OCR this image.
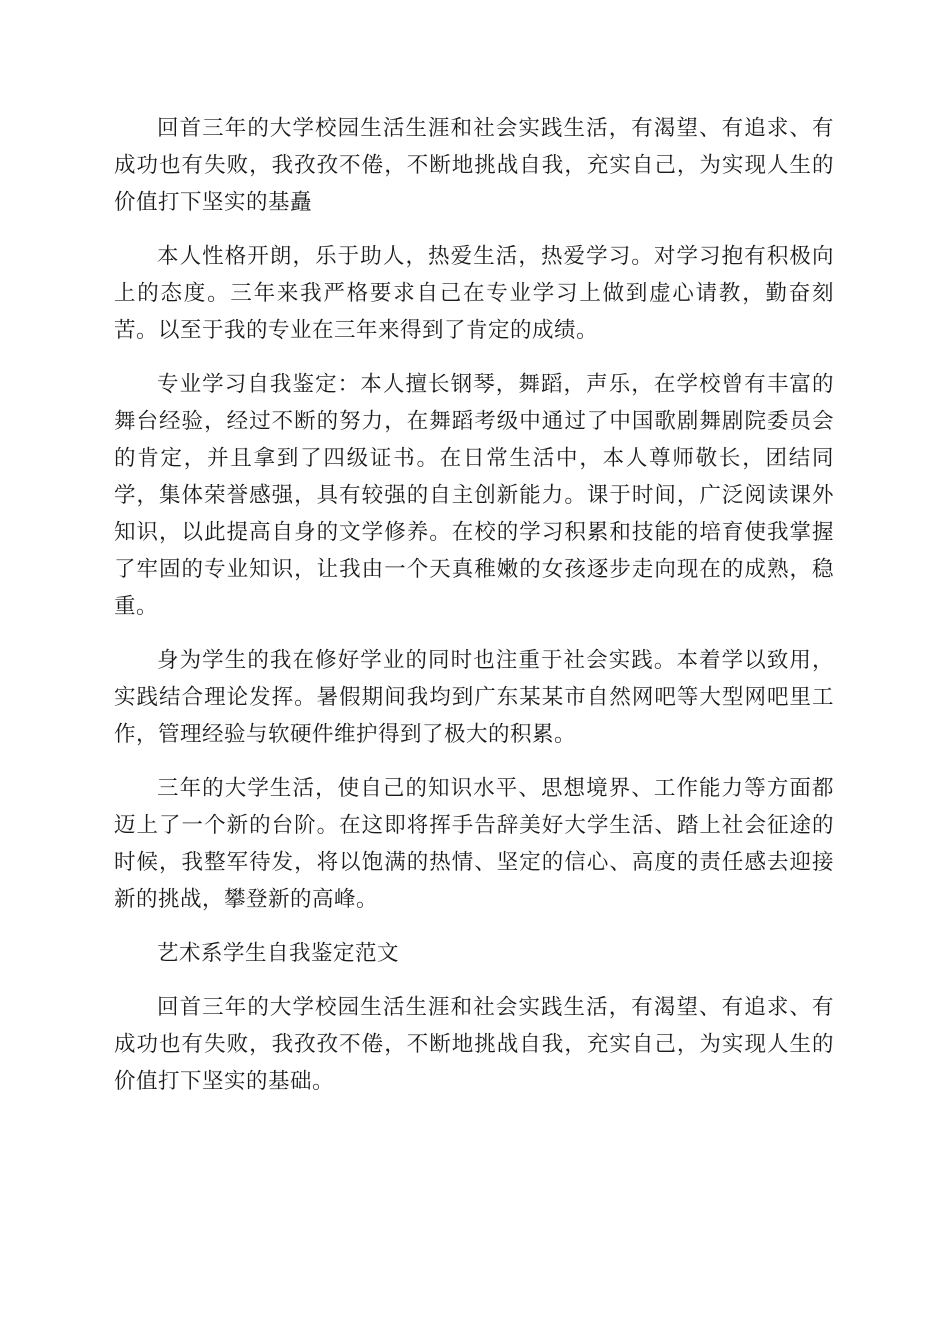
回首三年的大学校园生活生涯和社会实践生活，有渴望、有追求、有成功也有失败，我孜孜不倦，不断地挑战自我，充实自己，为实现人生的价值打下坚实的基矗

本人性格开朗，乐于助人，热爱生活，热爱学习。对学习抱有积极向上的态度。三年来我严格要求自己在专业学习上做到虚心请教，勤奋刻苦。以至于我的专业在三年来得到了肯定的成绩。

专业学习自我鉴定：本人擅长钢琴，舞蹈，声乐，在学校曾有丰富的舞台经验，经过不断的努力，在舞蹈考级中通过了中国歌剧舞剧院委员会的肯定，并且拿到了四级证书。在日常生活中，本人尊师敬长，团结同学，集体荣誉感强，具有较强的自主创新能力。课于时间，广泛阅读课外知识，以此提高自身的文学修养。在校的学习积累和技能的培育使我掌握了牢固的专业知识，让我由一个天真稚嫩的女孩逐步走向现在的成熟，稳重。

身为学生的我在修好学业的同时也注重于社会实践。本着学以致用，实践结合理论发挥。暑假期间我均到广东某某市自然网吧等大型网吧里工作，管理经验与软硬件维护得到了极大的积累。

三年的大学生活，使自己的知识水平、思想境界、工作能力等方面都迈上了一个新的台阶。在这即将挥手告辞美好大学生活、踏上社会征途的时候，我整军待发，将以饱满的热情、坚定的信心、高度的责任感去迎接新的挑战，攀登新的高峰。

艺术系学生自我鉴定范文

回首三年的大学校园生活生涯和社会实践生活，有渴望、有追求、有成功也有失败，我孜孜不倦，不断地挑战自我，充实自己，为实现人生的价值打下坚实的基础。
